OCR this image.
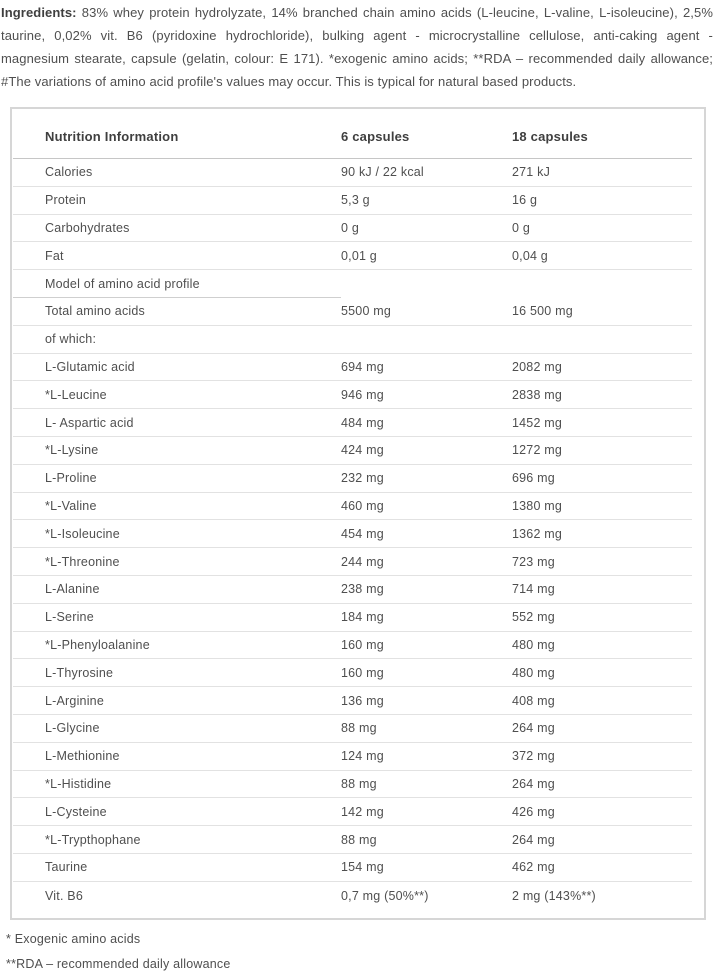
Ingredients: 83% whey protein hydrolyzate, 14% branched chain amino acids (L-leucine, L-valine, L-isoleucine), 2,5% taurine, 0,02% vit. B6 (pyridoxine hydrochloride), bulking agent - microcrystalline cellulose, anti-caking agent - magnesium stearate, capsule (gelatin, colour: E 171). *exogenic amino acids; **RDA – recommended daily allowance; #The variations of amino acid profile's values may occur. This is typical for natural based products.

Nutrition Information	6 capsules	18 capsules
Calories	90 kJ / 22 kcal	271 kJ
Protein	5,3 g	16 g
Carbohydrates	0 g	0 g
Fat	0,01 g	0,04 g
Model of amino acid profile		
Total amino acids	5500 mg	16 500 mg
of which:		
L-Glutamic acid	694 mg	2082 mg
*L-Leucine	946 mg	2838 mg
L- Aspartic acid	484 mg	1452 mg
*L-Lysine	424 mg	1272 mg
L-Proline	232 mg	696 mg
*L-Valine	460 mg	1380 mg
*L-Isoleucine	454 mg	1362 mg
*L-Threonine	244 mg	723 mg
L-Alanine	238 mg	714 mg
L-Serine	184 mg	552 mg
*L-Phenyloalanine	160 mg	480 mg
L-Thyrosine	160 mg	480 mg
L-Arginine	136 mg	408 mg
L-Glycine	88 mg	264 mg
L-Methionine	124 mg	372 mg
*L-Histidine	88 mg	264 mg
L-Cysteine	142 mg	426 mg
*L-Trypthophane	88 mg	264 mg
Taurine	154 mg	462 mg
Vit. B6	0,7 mg (50%**)	2 mg (143%**)
* Exogenic amino acids
**RDA – recommended daily allowance
